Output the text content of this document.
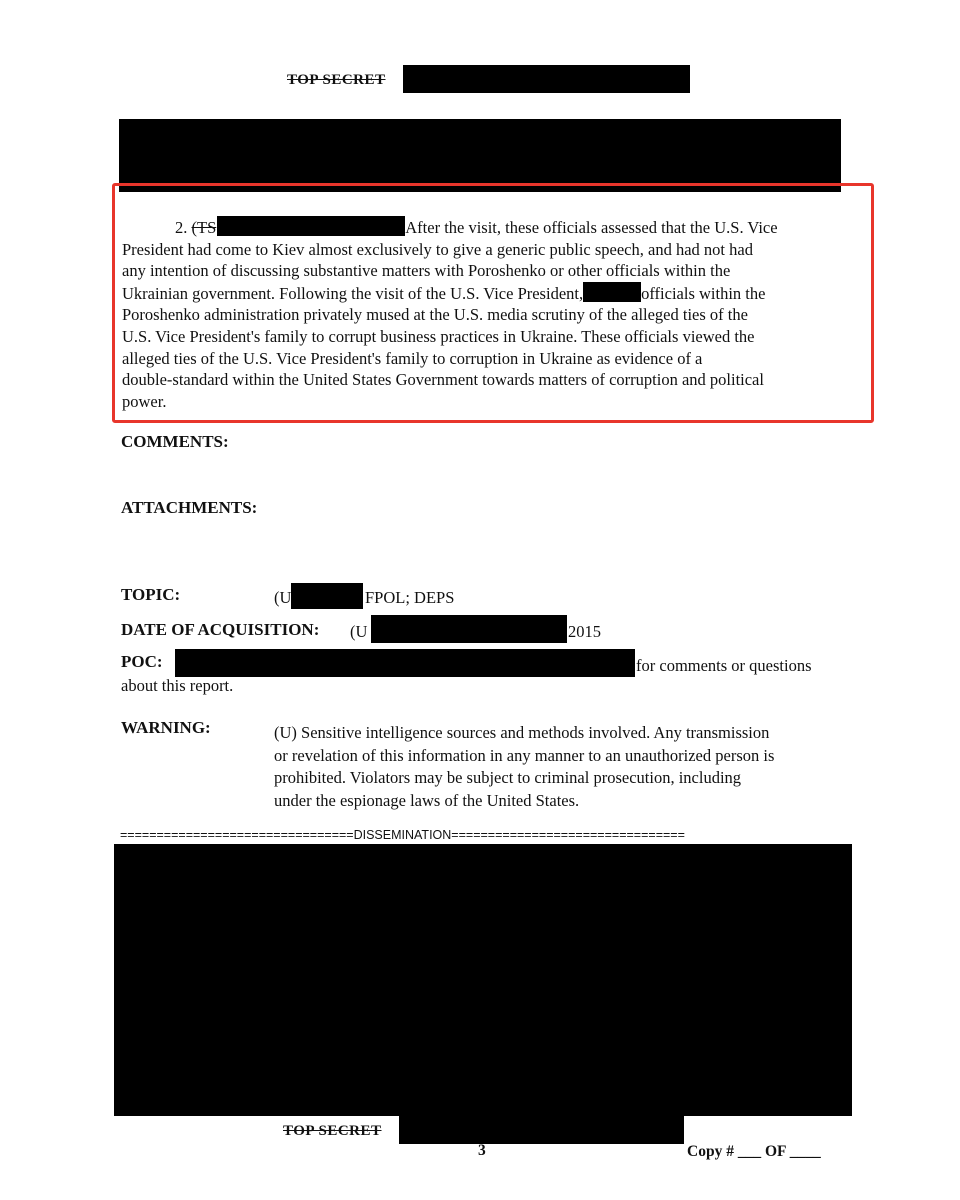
TOP SECRET
2. (TS	After the visit, these officials assessed that the U.S. Vice
President had come to Kiev almost exclusively to give a generic public speech, and had not had
any intention of discussing substantive matters with Poroshenko or other officials within the
Ukrainian government. Following the visit of the U.S. Vice President,	officials within the
Poroshenko administration privately mused at the U.S. media scrutiny of the alleged ties of the
U.S. Vice President's family to corrupt business practices in Ukraine. These officials viewed the
alleged ties of the U.S. Vice President's family to corruption in Ukraine as evidence of a
double-standard within the United States Government towards matters of corruption and political
power.
COMMENTS:
ATTACHMENTS:
TOPIC:	(U	FPOL; DEPS
DATE OF ACQUISITION: (U	2015
POC:	for comments or questions
about this report.
WARNING:	(U) Sensitive intelligence sources and methods involved. Any transmission
or revelation of this information in any manner to an unauthorized person is
prohibited. Violators may be subject to criminal prosecution, including
under the espionage laws of the United States.
================================DISSEMINATION================================
TOP SECRET
3	Copy # ___ OF ____
